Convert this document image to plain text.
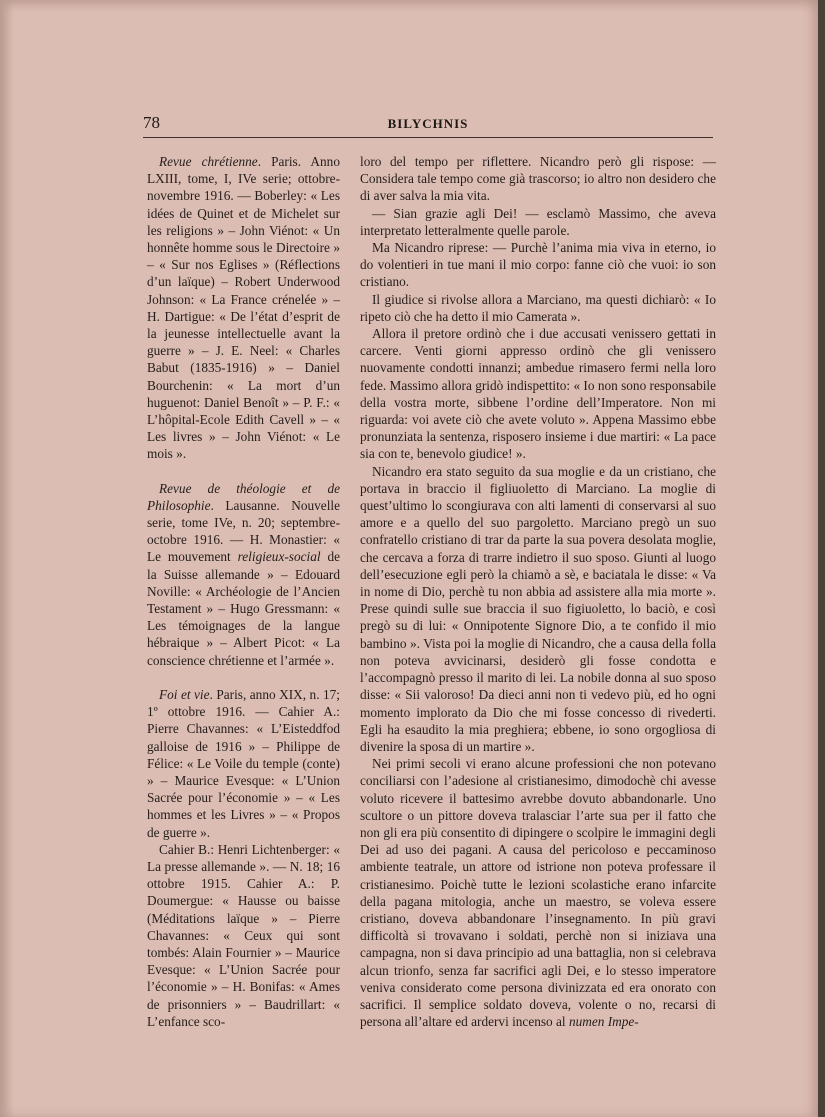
78	BILYCHNIS

Revue chrétienne. Paris. Anno LXIII, tome, I, IVe serie; ottobre-novembre 1916. — Boberley: « Les idées de Quinet et de Michelet sur les religions » – John Viénot: « Un honnête homme sous le Directoire » – « Sur nos Eglises » (Réflections d’un laïque) – Robert Underwood Johnson: « La France crénelée » – H. Dartigue: « De l’état d’esprit de la jeunesse intellectuelle avant la guerre » – J. E. Neel: « Charles Babut (1835-1916) » – Daniel Bourchenin: « La mort d’un huguenot: Daniel Benoît » – P. F.: « L’hôpital-Ecole Edith Cavell » – « Les livres » – John Viénot: « Le mois ».

Revue de théologie et de Philosophie. Lausanne. Nouvelle serie, tome IVe, n. 20; septembre-octobre 1916. — H. Monastier: « Le mouvement religieux-social de la Suisse allemande » – Edouard Noville: « Archéologie de l’Ancien Testament » – Hugo Gressmann: « Les témoignages de la langue hébraique » – Albert Picot: « La conscience chrétienne et l’armée ».

Foi et vie. Paris, anno XIX, n. 17; 1º ottobre 1916. — Cahier A.: Pierre Chavannes: « L’Eisteddfod galloise de 1916 » – Philippe de Félice: « Le Voile du temple (conte) » – Maurice Evesque: « L’Union Sacrée pour l’économie » – « Les hommes et les Livres » – « Propos de guerre ».

Cahier B.: Henri Lichtenberger: « La presse allemande ». — N. 18; 16 ottobre 1915. Cahier A.: P. Doumergue: « Hausse ou baisse (Méditations laïque » – Pierre Chavannes: « Ceux qui sont tombés: Alain Fournier » – Maurice Evesque: « L’Union Sacrée pour l’économie » – H. Bonifas: « Ames de prisonniers » – Baudrillart: « L’enfance sco-

loro del tempo per riflettere. Nicandro però gli rispose: — Considera tale tempo come già trascorso; io altro non desidero che di aver salva la mia vita.

— Sian grazie agli Dei! — esclamò Massimo, che aveva interpretato letteralmente quelle parole.

Ma Nicandro riprese: — Purchè l’anima mia viva in eterno, io do volentieri in tue mani il mio corpo: fanne ciò che vuoi: io son cristiano.

Il giudice si rivolse allora a Marciano, ma questi dichiarò: « Io ripeto ciò che ha detto il mio Camerata ».

Allora il pretore ordinò che i due accusati venissero gettati in carcere. Venti giorni appresso ordinò che gli venissero nuovamente condotti innanzi; ambedue rimasero fermi nella loro fede. Massimo allora gridò indispettito: « Io non sono responsabile della vostra morte, sibbene l’ordine dell’Imperatore. Non mi riguarda: voi avete ciò che avete voluto ». Appena Massimo ebbe pronunziata la sentenza, risposero insieme i due martiri: « La pace sia con te, benevolo giudice! ».

Nicandro era stato seguito da sua moglie e da un cristiano, che portava in braccio il figliuoletto di Marciano. La moglie di quest’ultimo lo scongiurava con alti lamenti di conservarsi al suo amore e a quello del suo pargoletto. Marciano pregò un suo confratello cristiano di trar da parte la sua povera desolata moglie, che cercava a forza di trarre indietro il suo sposo. Giunti al luogo dell’esecuzione egli però la chiamò a sè, e baciatala le disse: « Va in nome di Dio, perchè tu non abbia ad assistere alla mia morte ». Prese quindi sulle sue braccia il suo figiuoletto, lo baciò, e così pregò su di lui: « Onnipotente Signore Dio, a te confido il mio bambino ». Vista poi la moglie di Nicandro, che a causa della folla non poteva avvicinarsi, desiderò gli fosse condotta e l’accompagnò presso il marito di lei. La nobile donna al suo sposo disse: « Sii valoroso! Da dieci anni non ti vedevo più, ed ho ogni momento implorato da Dio che mi fosse concesso di rivederti. Egli ha esaudito la mia preghiera; ebbene, io sono orgogliosa di divenire la sposa di un martire ».

Nei primi secoli vi erano alcune professioni che non potevano conciliarsi con l’adesione al cristianesimo, dimodochè chi avesse voluto ricevere il battesimo avrebbe dovuto abbandonarle. Uno scultore o un pittore doveva tralasciar l’arte sua per il fatto che non gli era più consentito di dipingere o scolpire le immagini degli Dei ad uso dei pagani. A causa del pericoloso e peccaminoso ambiente teatrale, un attore od istrione non poteva professare il cristianesimo. Poichè tutte le lezioni scolastiche erano infarcite della pagana mitologia, anche un maestro, se voleva essere cristiano, doveva abbandonare l’insegnamento. In più gravi difficoltà si trovavano i soldati, perchè non si iniziava una campagna, non si dava principio ad una battaglia, non si celebrava alcun trionfo, senza far sacrifici agli Dei, e lo stesso imperatore veniva considerato come persona divinizzata ed era onorato con sacrifici. Il semplice soldato doveva, volente o no, recarsi di persona all’altare ed ardervi incenso al numen Impe-
